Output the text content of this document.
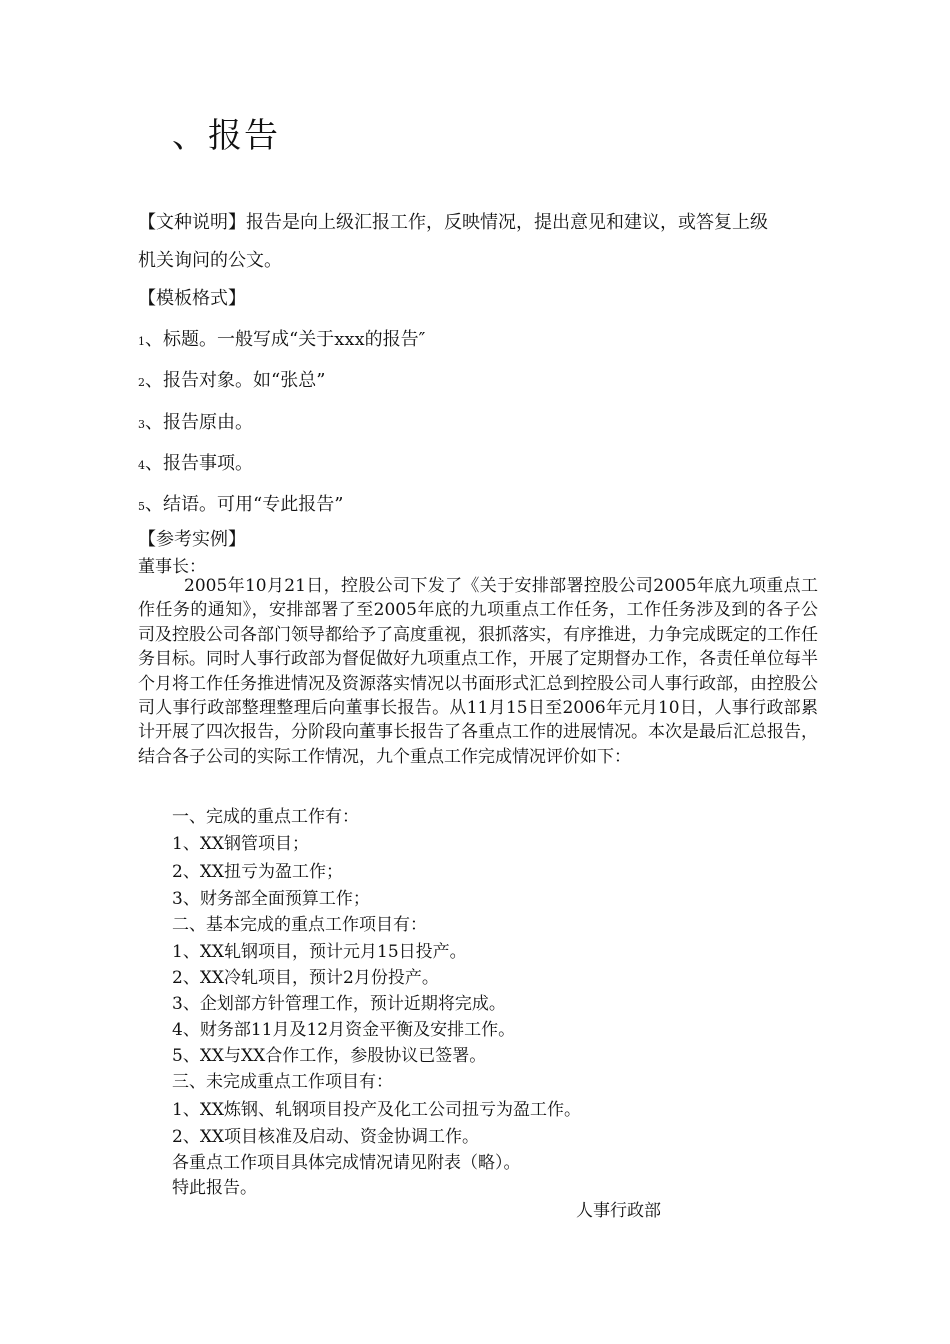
、报告

【文种说明】报告是向上级汇报工作，反映情况，提出意见和建议，或答复上级

机关询问的公文。

【模板格式】

1、标题。一般写成“关于xxx的报告″

2、报告对象。如“张总”

3、报告原由。

4、报告事项。

5、结语。可用“专此报告”

【参考实例】

董事长：

2005年10月21日，控股公司下发了《关于安排部署控股公司2005年底九项重点工作任务的通知》，安排部署了至2005年底的九项重点工作任务，工作任务涉及到的各子公司及控股公司各部门领导都给予了高度重视，狠抓落实，有序推进，力争完成既定的工作任务目标。同时人事行政部为督促做好九项重点工作，开展了定期督办工作，各责任单位每半个月将工作任务推进情况及资源落实情况以书面形式汇总到控股公司人事行政部，由控股公司人事行政部整理整理后向董事长报告。从11月15日至2006年元月10日，人事行政部累计开展了四次报告，分阶段向董事长报告了各重点工作的进展情况。本次是最后汇总报告，结合各子公司的实际工作情况，九个重点工作完成情况评价如下：

一、完成的重点工作有：

1、XX钢管项目；

2、XX扭亏为盈工作；

3、财务部全面预算工作；

二、基本完成的重点工作项目有：

1、XX轧钢项目，预计元月15日投产。

2、XX冷轧项目，预计2月份投产。

3、企划部方针管理工作，预计近期将完成。

4、财务部11月及12月资金平衡及安排工作。

5、XX与XX合作工作，参股协议已签署。

三、未完成重点工作项目有：

1、XX炼钢、轧钢项目投产及化工公司扭亏为盈工作。

2、XX项目核准及启动、资金协调工作。

各重点工作项目具体完成情况请见附表（略）。

特此报告。

人事行政部
